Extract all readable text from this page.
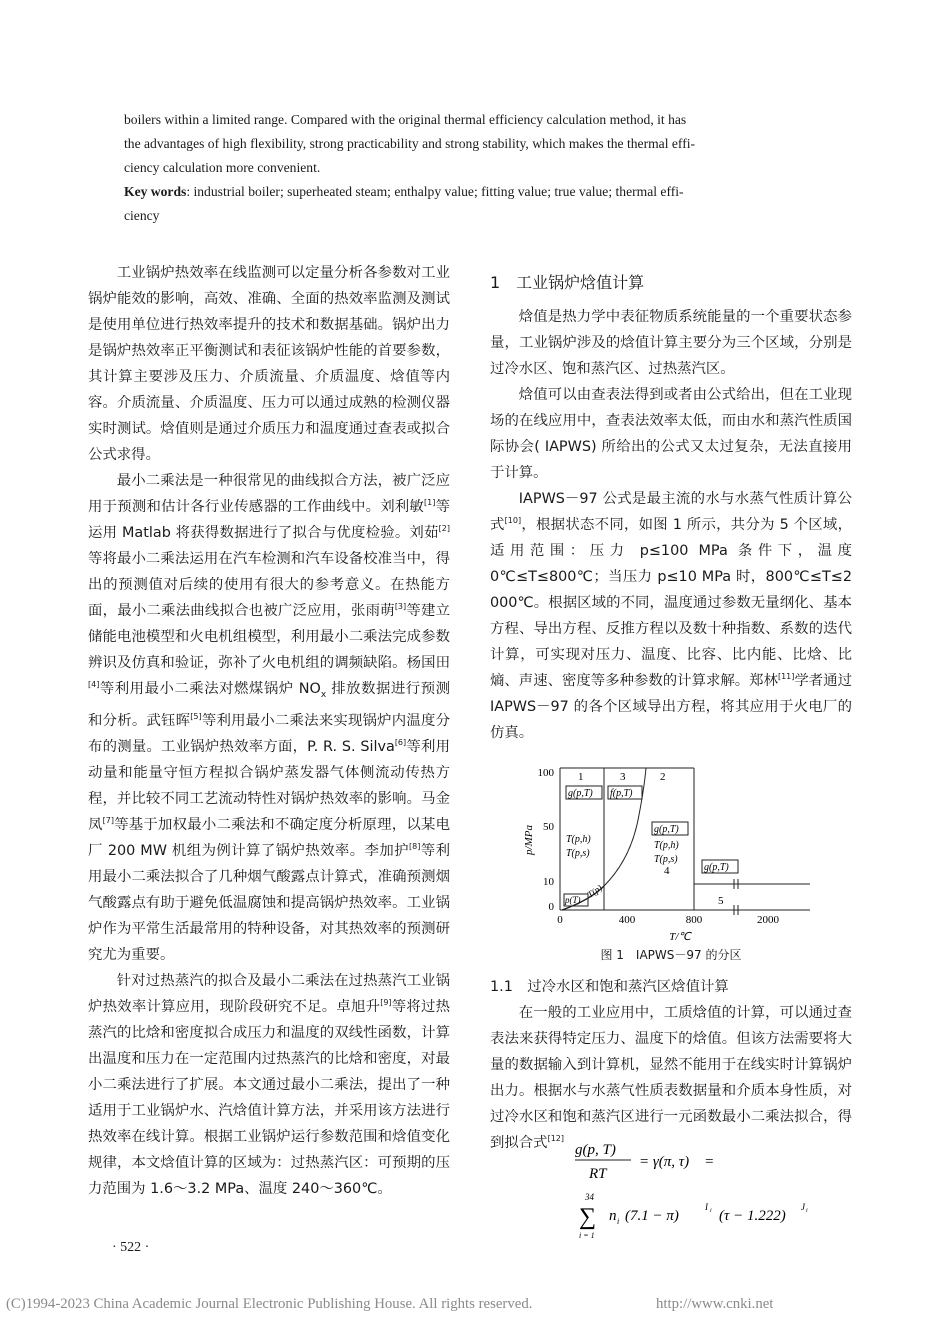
boilers within a limited range. Compared with the original thermal efficiency calculation method, it has

the advantages of high flexibility, strong practicability and strong stability, which makes the thermal effi-

ciency calculation more convenient.

Key words: industrial boiler; superheated steam; enthalpy value; fitting value; true value; thermal effi-

ciency

工业锅炉热效率在线监测可以定量分析各参数对工业锅炉能效的影响，高效、准确、全面的热效率监测及测试是使用单位进行热效率提升的技术和数据基础。锅炉出力是锅炉热效率正平衡测试和表征该锅炉性能的首要参数，其计算主要涉及压力、介质流量、介质温度、焓值等内容。介质流量、介质温度、压力可以通过成熟的检测仪器实时测试。焓值则是通过介质压力和温度通过查表或拟合公式求得。

最小二乘法是一种很常见的曲线拟合方法，被广泛应用于预测和估计各行业传感器的工作曲线中。刘利敏[1]等运用 Matlab 将获得数据进行了拟合与优度检验。刘茹[2]等将最小二乘法运用在汽车检测和汽车设备校准当中，得出的预测值对后续的使用有很大的参考意义。在热能方面，最小二乘法曲线拟合也被广泛应用，张雨萌[3]等建立储能电池模型和火电机组模型，利用最小二乘法完成参数辨识及仿真和验证，弥补了火电机组的调频缺陷。杨国田[4]等利用最小二乘法对燃煤锅炉 $NO_x$ 排放数据进行预测和分析。武钰晖[5]等利用最小二乘法来实现锅炉内温度分布的测量。工业锅炉热效率方面，P. R. S. Silva[6]等利用动量和能量守恒方程拟合锅炉蒸发器气体侧流动传热方程，并比较不同工艺流动特性对锅炉热效率的影响。马金凤[7]等基于加权最小二乘法和不确定度分析原理，以某电厂 200 MW 机组为例计算了锅炉热效率。李加护[8]等利用最小二乘法拟合了几种烟气酸露点计算式，准确预测烟气酸露点有助于避免低温腐蚀和提高锅炉热效率。工业锅炉作为平常生活最常用的特种设备，对其热效率的预测研究尤为重要。

针对过热蒸汽的拟合及最小二乘法在过热蒸汽工业锅炉热效率计算应用，现阶段研究不足。卓旭升[9]等将过热蒸汽的比焓和密度拟合成压力和温度的双线性函数，计算出温度和压力在一定范围内过热蒸汽的比焓和密度，对最小二乘法进行了扩展。本文通过最小二乘法，提出了一种适用于工业锅炉水、汽焓值计算方法，并采用该方法进行热效率在线计算。根据工业锅炉运行参数范围和焓值变化规律，本文焓值计算的区域为：过热蒸汽区：可预期的压力范围为 1.6～3.2 MPa、温度 240～360℃。

1　工业锅炉焓值计算

焓值是热力学中表征物质系统能量的一个重要状态参量，工业锅炉涉及的焓值计算主要分为三个区域，分别是过冷水区、饱和蒸汽区、过热蒸汽区。

焓值可以由查表法得到或者由公式给出，但在工业现场的在线应用中，查表法效率太低，而由水和蒸汽性质国际协会( IAPWS) 所给出的公式又太过复杂，无法直接用于计算。

IAPWS－97 公式是最主流的水与水蒸气性质计算公式[10]，根据状态不同，如图 1 所示，共分为 5 个区域，适用范围：压力 p≤100 MPa 条件下，温度 0℃≤T≤800℃；当压力 p≤10 MPa 时，800℃≤T≤2 000℃。根据区域的不同，温度通过参数无量纲化、基本方程、导出方程、反推方程以及数十种指数、系数的迭代计算，可实现对压力、温度、比容、比内能、比焓、比熵、声速、密度等多种参数的计算求解。郑林[11]学者通过 IAPWS－97 的各个区域导出方程，将其应用于火电厂的仿真。

1.1　过冷水区和饱和蒸汽区焓值计算

在一般的工业应用中，工质焓值的计算，可以通过查表法来获得特定压力、温度下的焓值。但该方法需要将大量的数据输入到计算机，显然不能用于在线实时计算锅炉出力。根据水与水蒸气性质表数据量和介质本身性质，对过冷水区和饱和蒸汽区进行一元函数最小二乘法拟合，得到拟合式[12]

100
50
10
0
0	400	800	2000
p/MPa
T/℃
1	3	2
4
5
g(p,T) f(p,T)
g(p,T)
g(p,T)
T(p,h)
T(p,s)
T(p,h)
T(p,s)
p(T)
T(p)
图 1　IAPWS－97 的分区
g(p, T)
RT
= γ(π, τ)　=
34
∑
i = 1
n i (7.1 − π)
I i (τ − 1.222)
J i
· 522 ·
(C)1994-2023 China Academic Journal Electronic Publishing House. All rights reserved.	http://www.cnki.net
